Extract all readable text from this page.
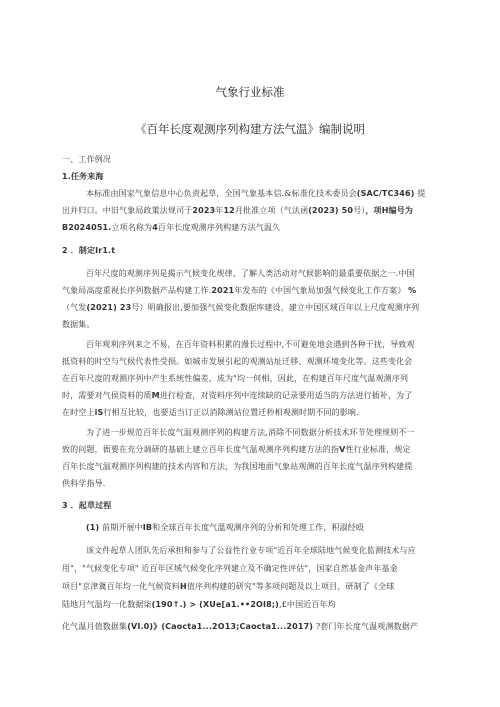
气象行业标准
《百年长度观测序列构建方法气温》编制说明
一、工作例况
1.任务来海
本标准由国家气象信息中心负责起草，全国气象基本信.&标准化技术委员会(SAC/TC346) 提
出并归口。中旧气象局政策法规司于2023年12月批准立项（气法函(2023) 50号），项H编号为
B2024051.立项名称为4百年长度观测序列构建方法气温久
2 ．制定Ir1.t
百年尺度的观测序列是揭示气候变化规律、了解人类活动对气候影响的最重要依据之一.中国
气象局高度重视长序列数据产品构建工作.2021年发布的《中国气象局加强气候变化工作方案》 %
（气发(2021) 23号）明确报出,要加强气候变化数据库建设，建立中国区域百年以上尺度观测序列
数据集。
百年观利序列来之不易，在百年资料积累的漫长过程中,不可避免地会遇到各种干扰，导致观
抵资料的时空与气候代表性受损。如城市发展引起的观测站址迁移、观测环境变化等。这些变化会
在百年尺度的观测序列中产生系统性偏差，成为"均一何相，因此，在构建百年尺度气温观测序列
时，需要对气侯资料的质M进行检查，对资料序列中连续缺的记录要用适当的方法进行插补，为了
在时空上iS行相互比较，也要适当订正以消除测站位置迁秒相观测时期不同的影响.
为了进一步规范百年长度气温观测序列的构建方法,消除不同数据分析技术环节处理规则不一
致的问题，衙要在充分调研的基础上建立百年长度气温观测序列构建方法的指V性行业标准，规定
百年长度气温观测序列构建的技术内容和方法，为我国地面气象站观测的百年长度气温序列构建提
供科学指导.
3 ．起草过程
(1) 前期开展中IB和全球百年长度气溫观测序列的分析和处理工作，积淑经殴
该文件起草人团队先后承担和参与了公益性行业专项"近百年全球陆地气候变化监测技术与应
用"，"气候变化专项" 近百年区域气候变化序列建立及不确定性评估"，国家自然基金声年基金
项目"京津冀百年均一化气候资料H值序列构建的研究"等多项问题及以上项目，研制了《全球
陆地月气温均一化数据柒(190↑.) > (XUe[a1.••2OI8;),£中国近百年均
化气温月值数据集(VI.0)》(Caocta1...2O13;Caocta1...2017) ?套门年长度气温观测数据产
